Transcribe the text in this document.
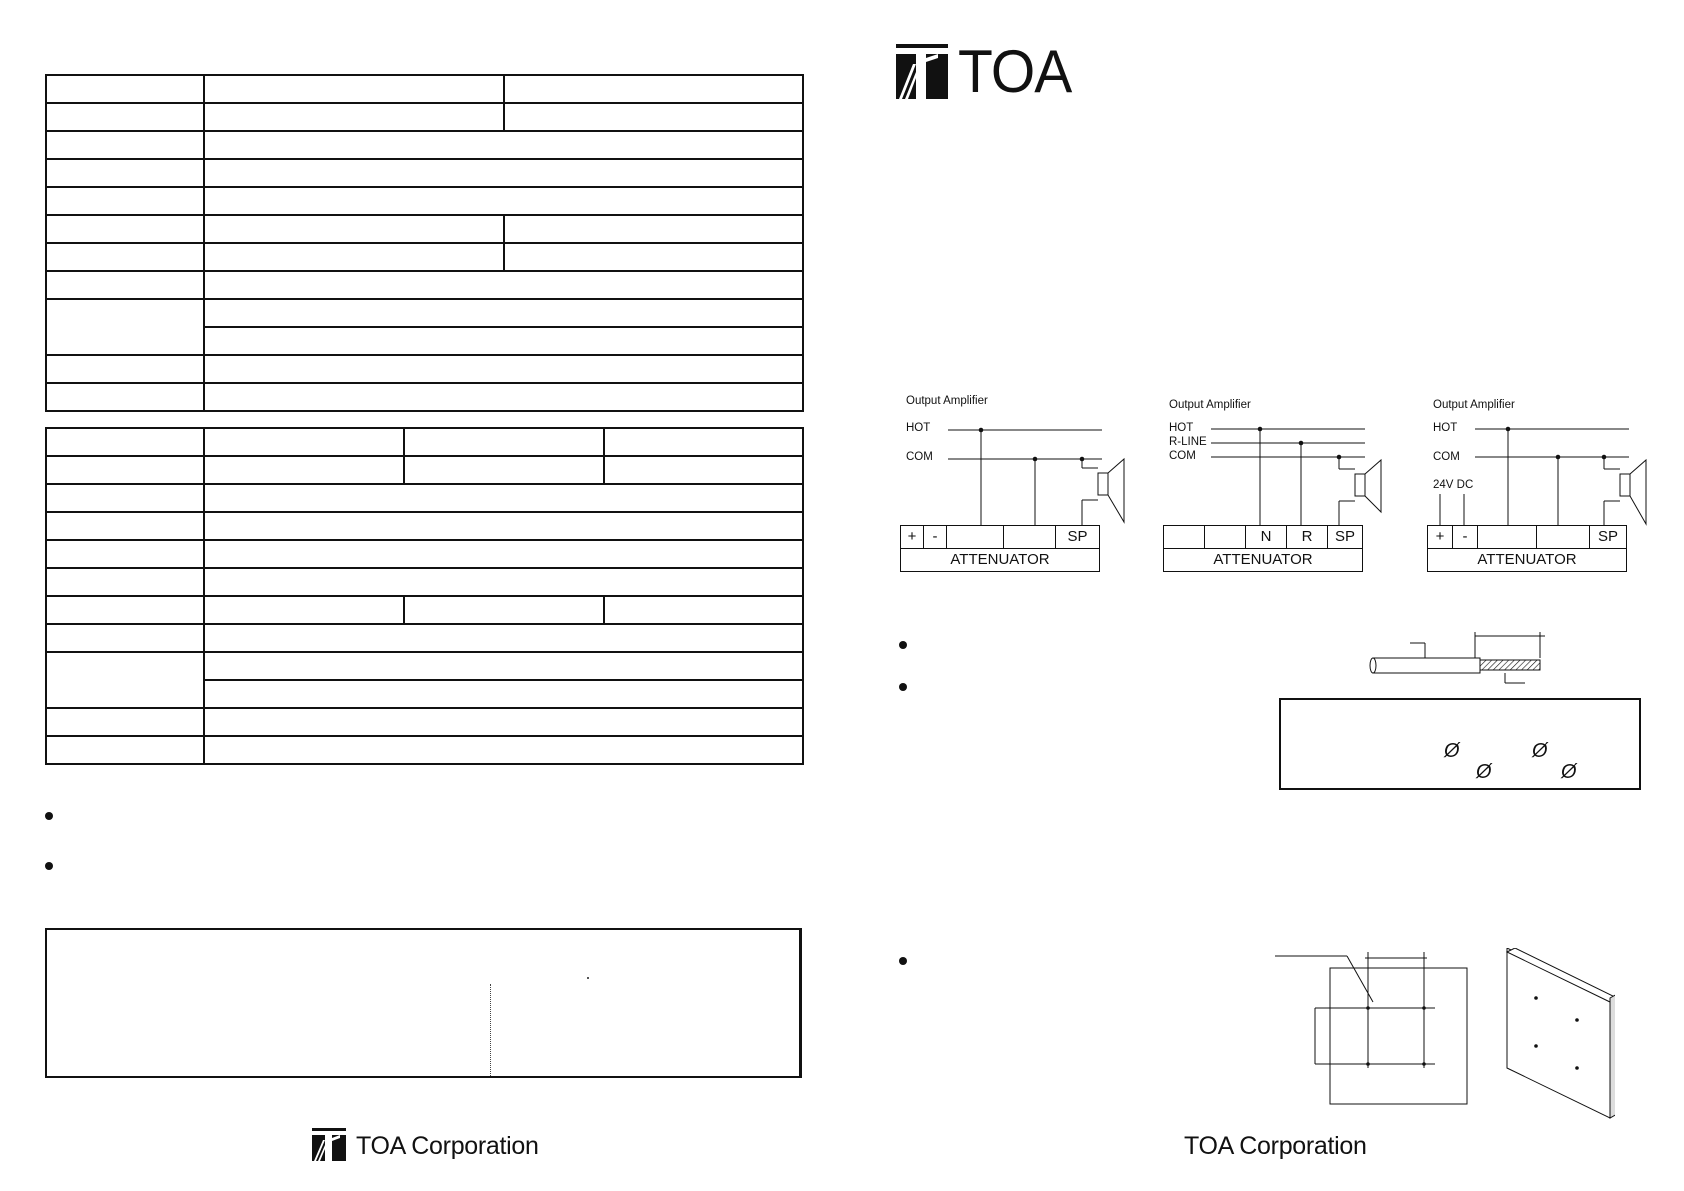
TOA Corporation
TOA
Output Amplifier
HOT
COM
+	-	SP
ATTENUATOR
Output Amplifier
HOT
R-LINE
COM
N	R	SP
ATTENUATOR
Output Amplifier
HOT
COM
24V DC
+	-	SP
ATTENUATOR
Ø	Ø
Ø	Ø
TOA Corporation
